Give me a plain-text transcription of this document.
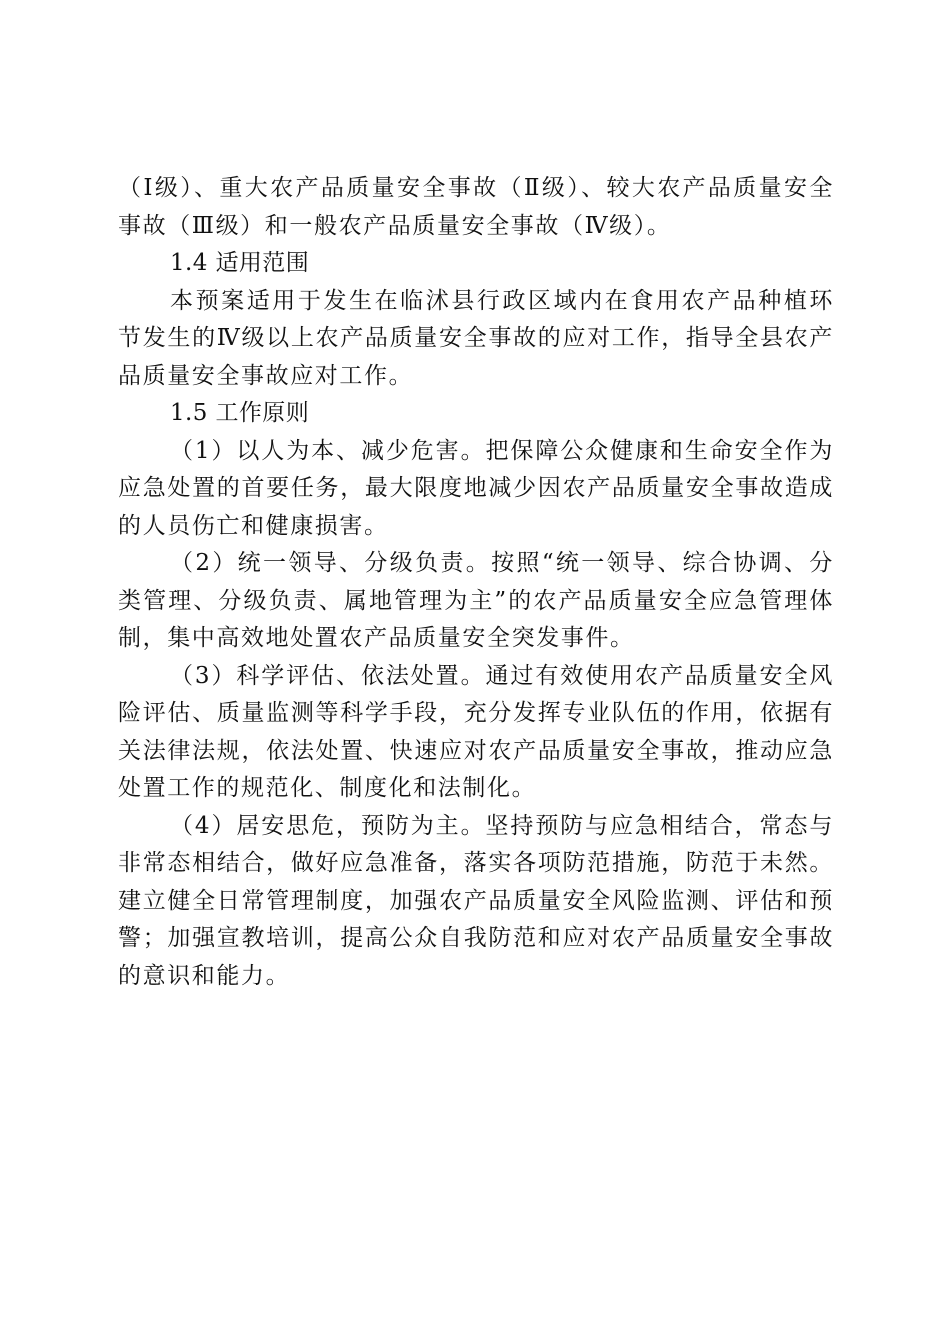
（Ⅰ级）、重大农产品质量安全事故（Ⅱ级）、较大农产品质量安全事故（Ⅲ级）和一般农产品质量安全事故（Ⅳ级）。

1.4 适用范围

本预案适用于发生在临沭县行政区域内在食用农产品种植环节发生的Ⅳ级以上农产品质量安全事故的应对工作，指导全县农产品质量安全事故应对工作。

1.5 工作原则

（1）以人为本、减少危害。把保障公众健康和生命安全作为应急处置的首要任务，最大限度地减少因农产品质量安全事故造成的人员伤亡和健康损害。

（2）统一领导、分级负责。按照“统一领导、综合协调、分类管理、分级负责、属地管理为主”的农产品质量安全应急管理体制，集中高效地处置农产品质量安全突发事件。

（3）科学评估、依法处置。通过有效使用农产品质量安全风险评估、质量监测等科学手段，充分发挥专业队伍的作用，依据有关法律法规，依法处置、快速应对农产品质量安全事故，推动应急处置工作的规范化、制度化和法制化。

（4）居安思危，预防为主。坚持预防与应急相结合，常态与非常态相结合，做好应急准备，落实各项防范措施，防范于未然。建立健全日常管理制度，加强农产品质量安全风险监测、评估和预警；加强宣教培训，提高公众自我防范和应对农产品质量安全事故的意识和能力。
